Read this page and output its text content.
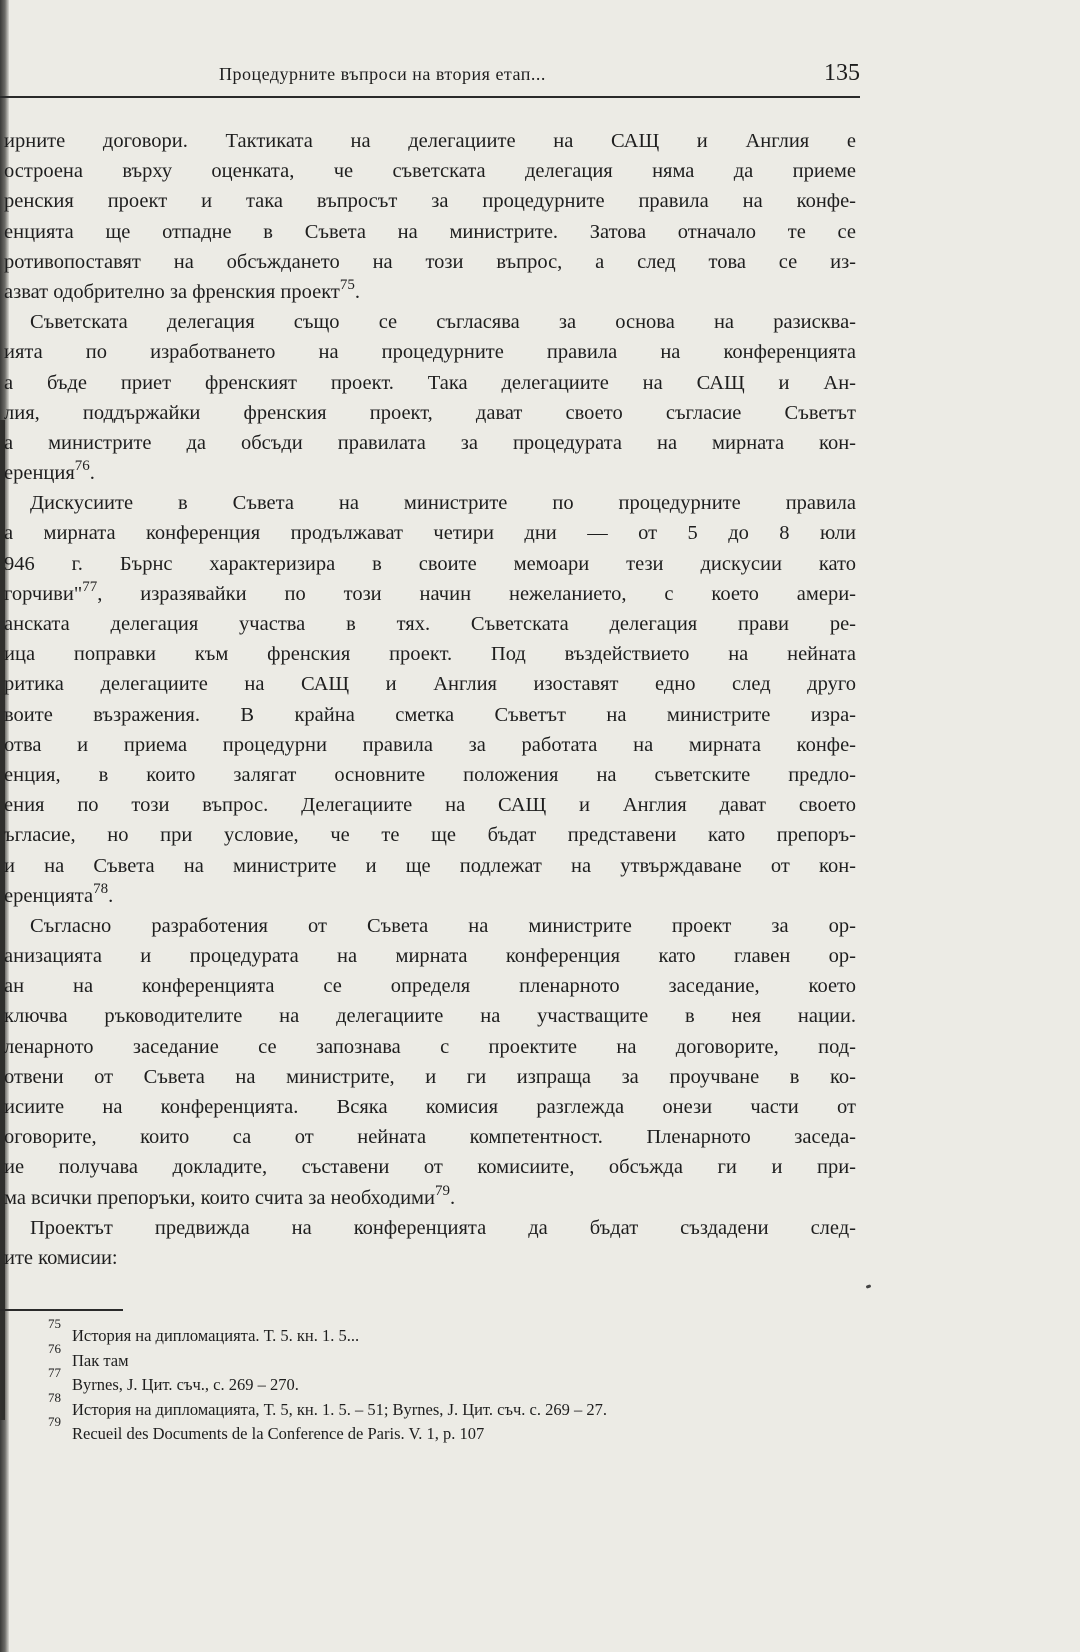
Процедурните въпроси на втория етап...	135
ирните договори. Тактиката на делегациите на САЩ и Англия е
остроена върху оценката, че съветската делегация няма да приеме
ренския проект и така въпросът за процедурните правила на конфе-
енцията ще отпадне в Съвета на министрите. Затова отначало те се
ротивопоставят на обсъждането на този въпрос, а след това се из-
азват одобрително за френския проект$^{75}$.
Съветската делегация също се съгласява за основа на разисква-
ията по изработването на процедурните правила на конференцията
а бъде приет френският проект. Така делегациите на САЩ и Ан-
лия, поддържайки френския проект, дават своето съгласие Съветът
а министрите да обсъди правилата за процедурата на мирната кон-
еренция$^{76}$.
Дискусиите в Съвета на министрите по процедурните правила
а мирната конференция продължават четири дни — от 5 до 8 юли
946 г. Бърнс характеризира в своите мемоари тези дискусии като
горчиви"$^{77}$, изразявайки по този начин нежеланието, с което амери-
анската делегация участва в тях. Съветската делегация прави ре-
ица поправки към френския проект. Под въздействието на нейната
ритика делегациите на САЩ и Англия изоставят едно след друго
воите възражения. В крайна сметка Съветът на министрите изра-
отва и приема процедурни правила за работата на мирната конфе-
енция, в които залягат основните положения на съветските предло-
ения по този въпрос. Делегациите на САЩ и Англия дават своето
ъгласие, но при условие, че те ще бъдат представени като препоръ-
и на Съвета на министрите и ще подлежат на утвърждаване от кон-
еренцията$^{78}$.
Съгласно разработения от Съвета на министрите проект за ор-
анизацията и процедурата на мирната конференция като главен ор-
ан на конференцията се определя пленарното заседание, което
ключва ръководителите на делегациите на участващите в нея нации.
ленарното заседание се запознава с проектите на договорите, под-
отвени от Съвета на министрите, и ги изпраща за проучване в ко-
исиите на конференцията. Всяка комисия разглежда онези части от
оговорите, които са от нейната компетентност. Пленарното заседа-
ие получава докладите, съставени от комисиите, обсъжда ги и при-
ма всички препоръки, които счита за необходими$^{79}$.
Проектът предвижда на конференцията да бъдат създадени след-
ите комисии:
75
История на дипломацията. Т. 5. кн. 1. 5...
76
Пак там
77
Byrnes, J. Цит. съч., с. 269 – 270.
78
История на дипломацията, Т. 5, кн. 1. 5. – 51; Byrnes, J. Цит. съч. с. 269 – 27.
79
Recueil des Documents de la Conference de Paris. V. 1, p. 107
